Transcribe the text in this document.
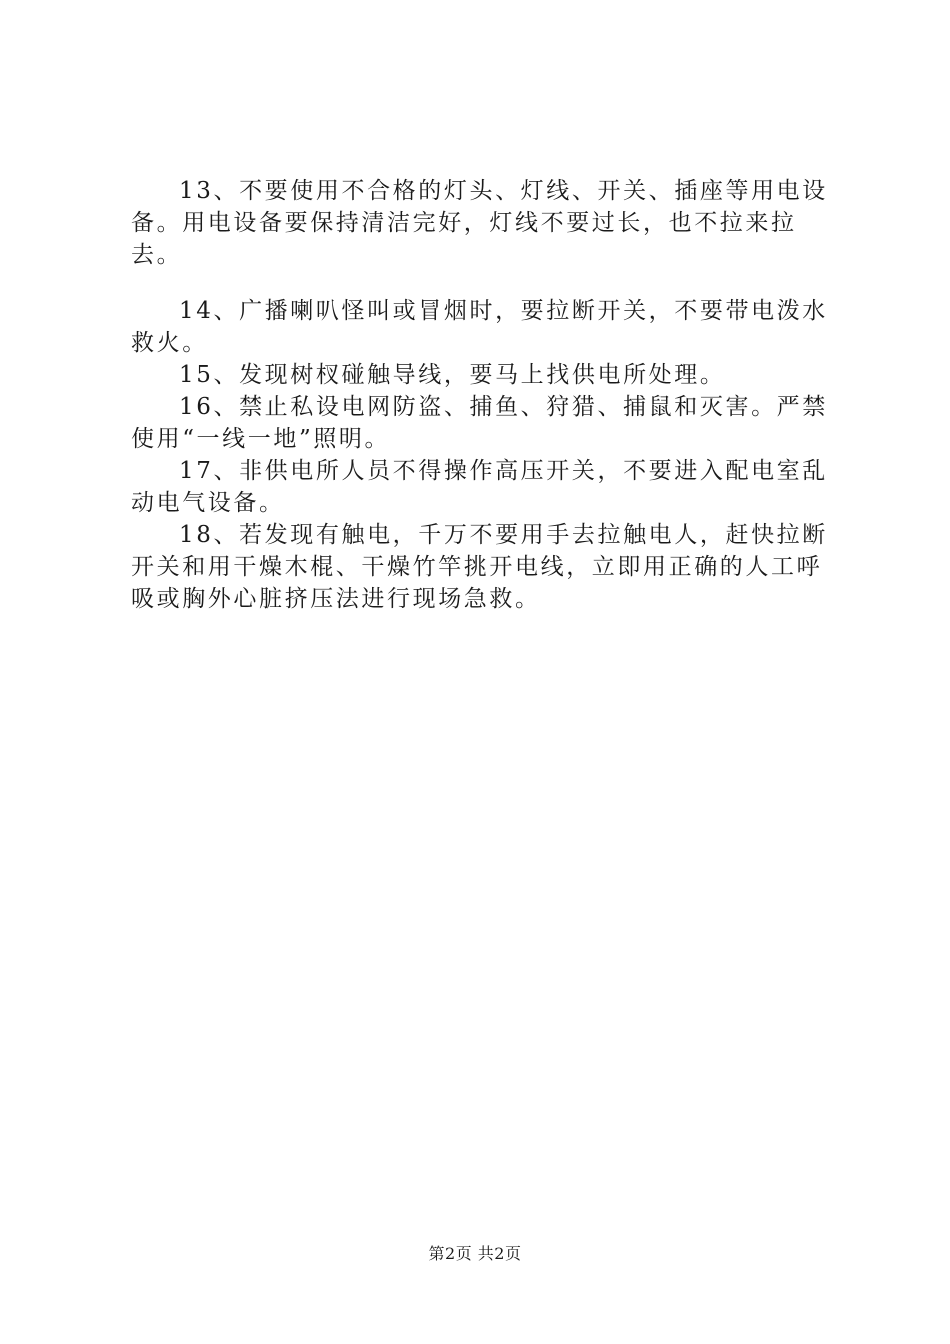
13、不要使用不合格的灯头、灯线、开关、插座等用电设备。用电设备要保持清洁完好，灯线不要过长，也不拉来拉去。

14、广播喇叭怪叫或冒烟时，要拉断开关，不要带电泼水救火。

15、发现树杈碰触导线，要马上找供电所处理。

16、禁止私设电网防盗、捕鱼、狩猎、捕鼠和灭害。严禁使用“一线一地”照明。

17、非供电所人员不得操作高压开关，不要进入配电室乱动电气设备。

18、若发现有触电，千万不要用手去拉触电人，赶快拉断开关和用干燥木棍、干燥竹竿挑开电线，立即用正确的人工呼吸或胸外心脏挤压法进行现场急救。

第2页 共2页
